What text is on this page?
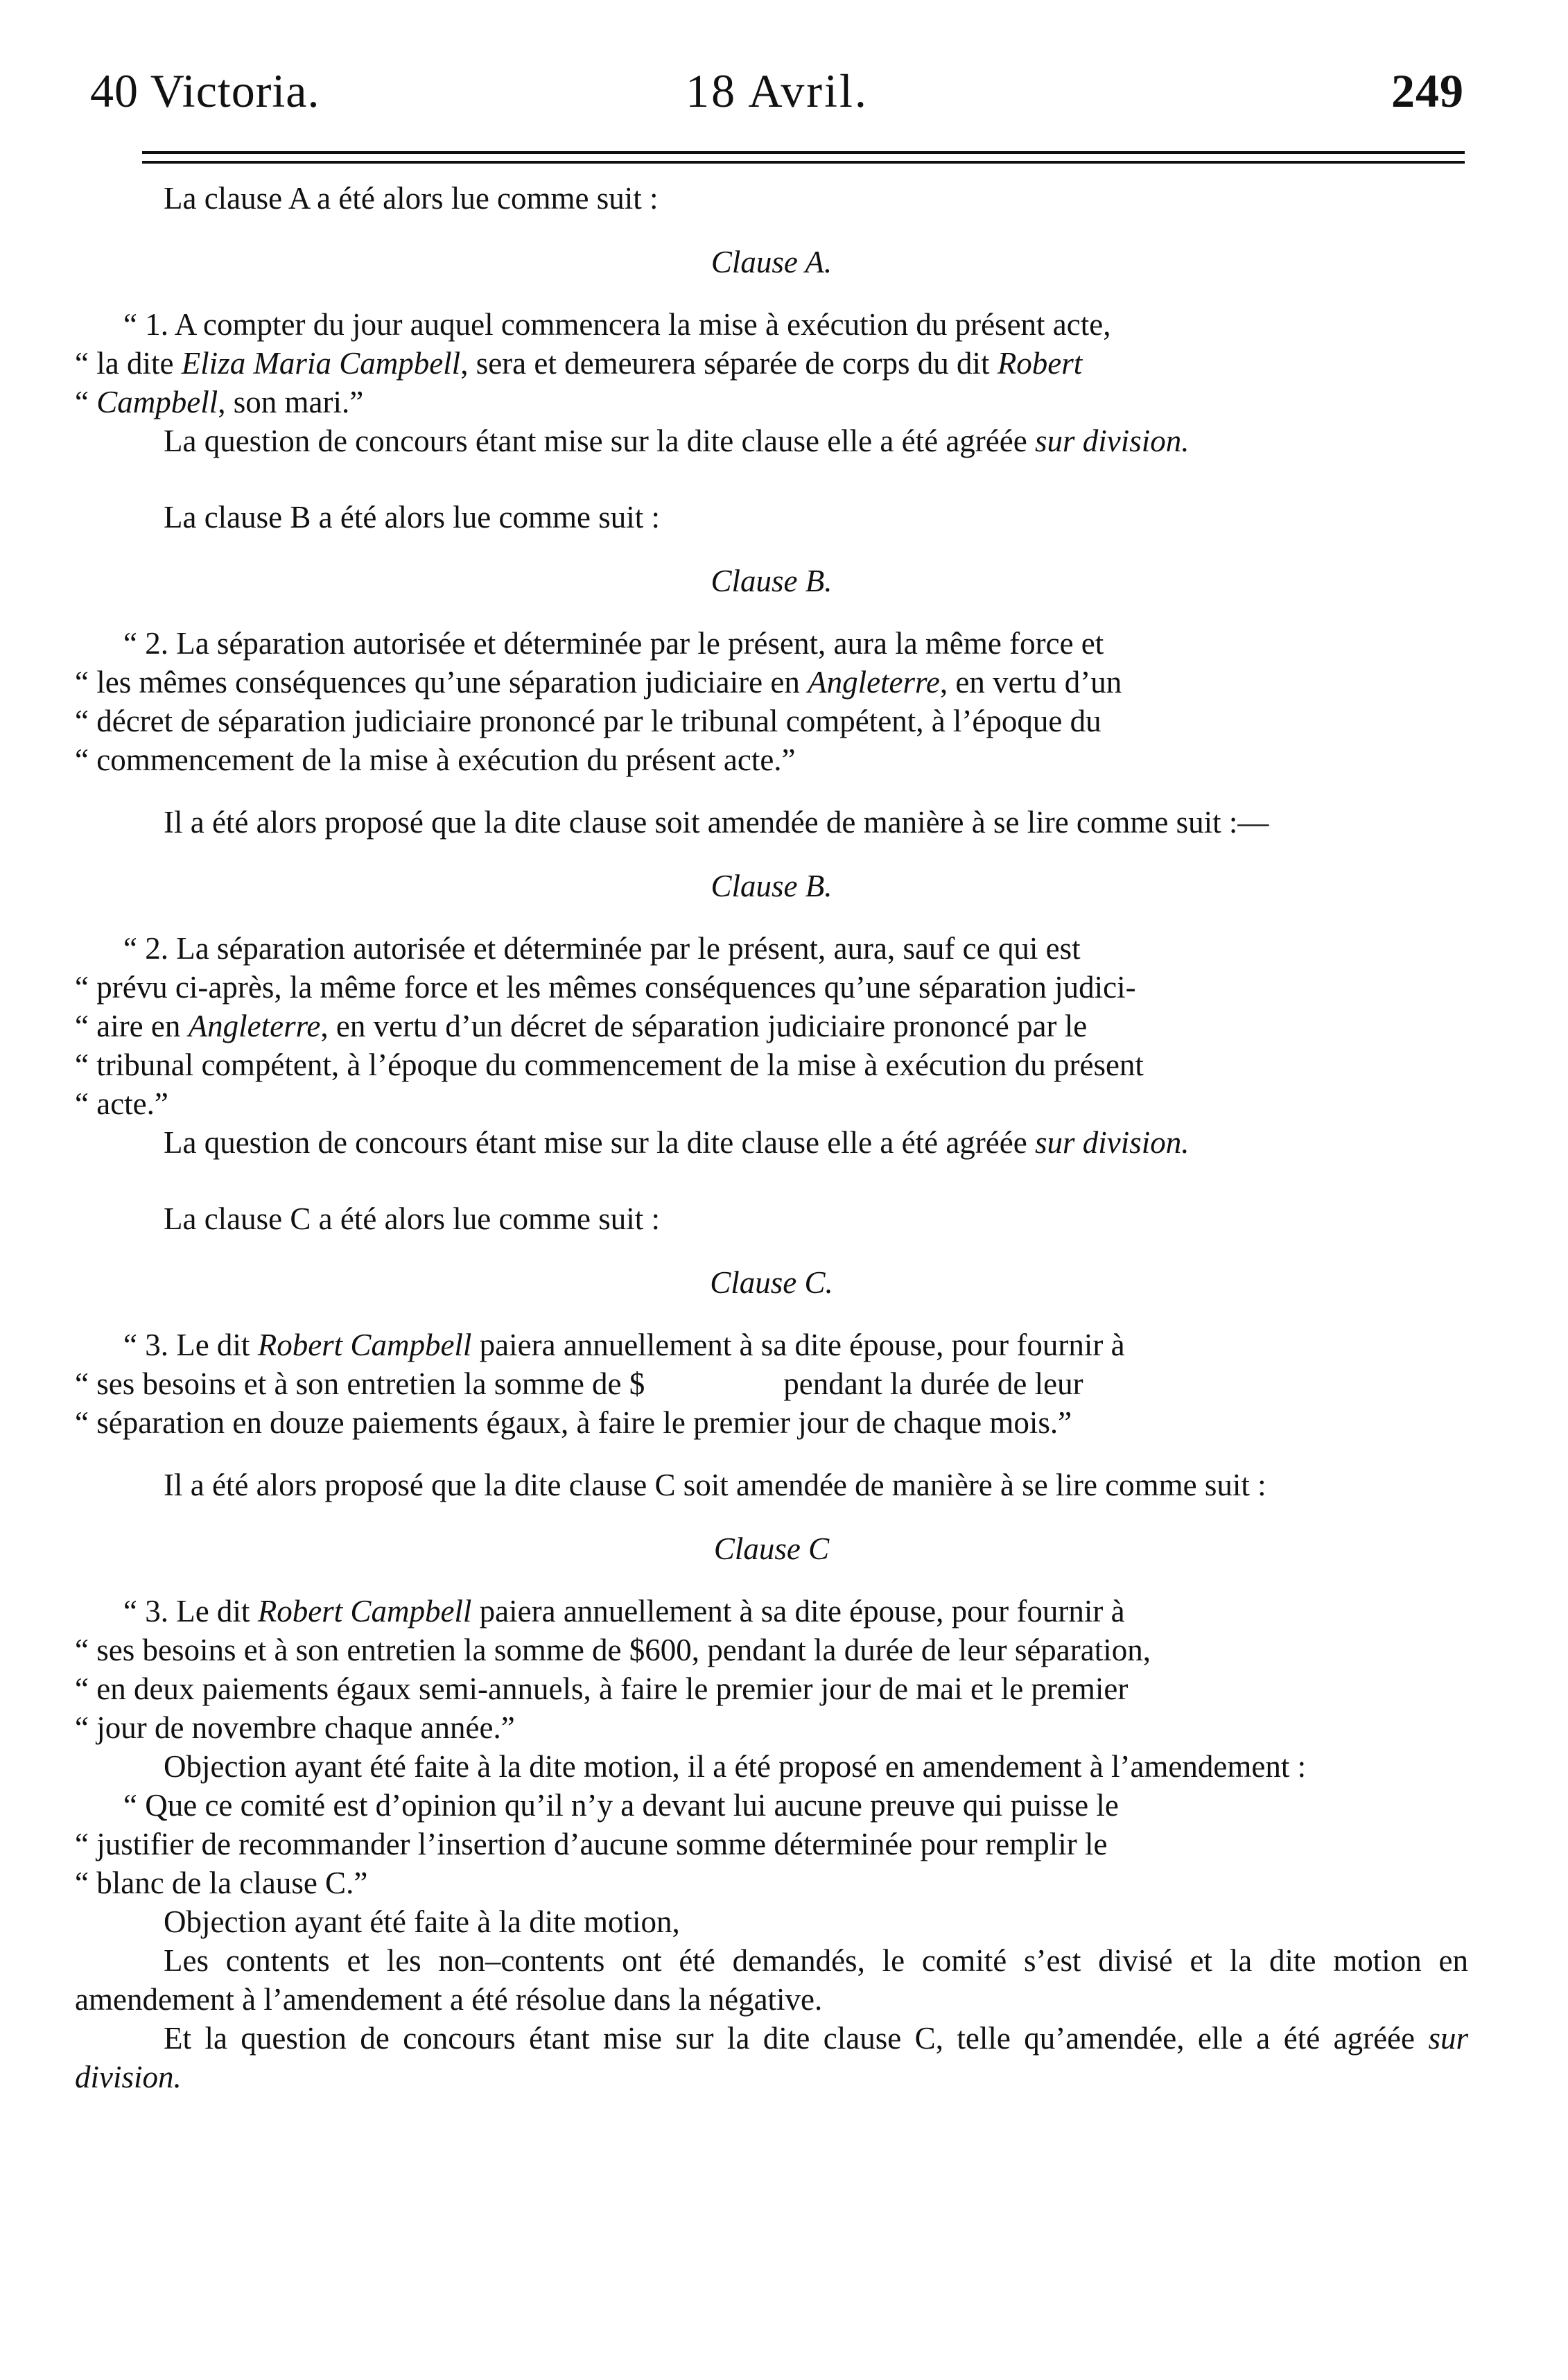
40 Victoria.	18 Avril.	249

La clause A a été alors lue comme suit :

Clause A.

“ 1. A compter du jour auquel commencera la mise à exécution du présent acte,

“ la dite Eliza Maria Campbell, sera et demeurera séparée de corps du dit Robert

“ Campbell, son mari.”

La question de concours étant mise sur la dite clause elle a été agréée sur division.

La clause B a été alors lue comme suit :

Clause B.

“ 2. La séparation autorisée et déterminée par le présent, aura la même force et

“ les mêmes conséquences qu’une séparation judiciaire en Angleterre, en vertu d’un

“ décret de séparation judiciaire prononcé par le tribunal compétent, à l’époque du

“ commencement de la mise à exécution du présent acte.”

Il a été alors proposé que la dite clause soit amendée de manière à se lire comme suit :—

Clause B.

“ 2. La séparation autorisée et déterminée par le présent, aura, sauf ce qui est

“ prévu ci-après, la même force et les mêmes conséquences qu’une séparation judici-

“ aire en Angleterre, en vertu d’un décret de séparation judiciaire prononcé par le

“ tribunal compétent, à l’époque du commencement de la mise à exécution du présent

“ acte.”

La question de concours étant mise sur la dite clause elle a été agréée sur division.

La clause C a été alors lue comme suit :

Clause C.

“ 3. Le dit Robert Campbell paiera annuellement à sa dite épouse, pour fournir à

“ ses besoins et à son entretien la somme de $	pendant la durée de leur

“ séparation en douze paiements égaux, à faire le premier jour de chaque mois.”

Il a été alors proposé que la dite clause C soit amendée de manière à se lire comme suit :

Clause C

“ 3. Le dit Robert Campbell paiera annuellement à sa dite épouse, pour fournir à

“ ses besoins et à son entretien la somme de $600, pendant la durée de leur séparation,

“ en deux paiements égaux semi-annuels, à faire le premier jour de mai et le premier

“ jour de novembre chaque année.”

Objection ayant été faite à la dite motion, il a été proposé en amendement à l’amendement :

“ Que ce comité est d’opinion qu’il n’y a devant lui aucune preuve qui puisse le

“ justifier de recommander l’insertion d’aucune somme déterminée pour remplir le

“ blanc de la clause C.”

Objection ayant été faite à la dite motion,

Les contents et les non–contents ont été demandés, le comité s’est divisé et la dite motion en amendement à l’amendement a été résolue dans la négative.

Et la question de concours étant mise sur la dite clause C, telle qu’amendée, elle a été agréée sur division.
